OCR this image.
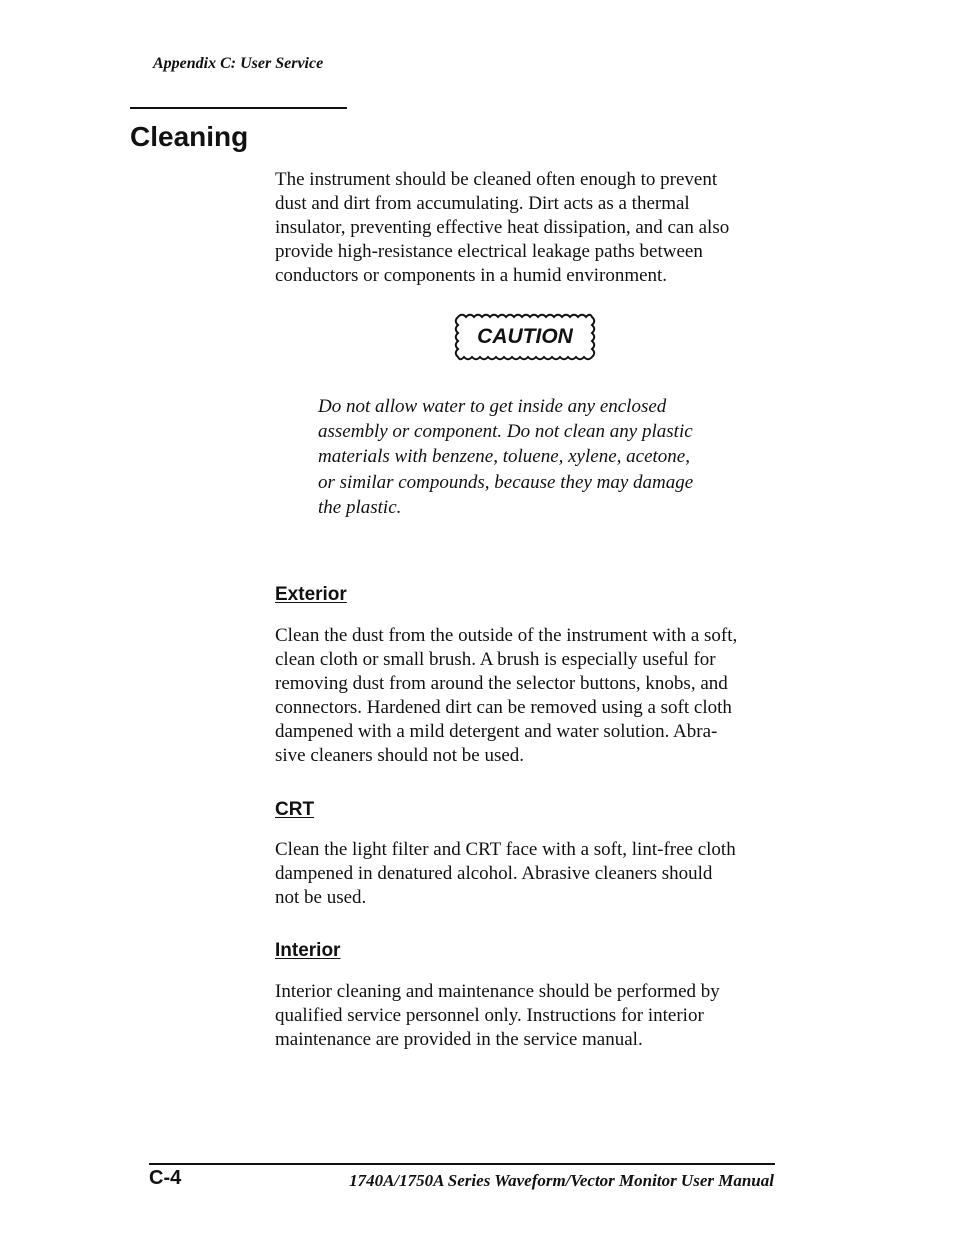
Appendix C: User Service
Cleaning

The instrument should be cleaned often enough to prevent
dust and dirt from accumulating. Dirt acts as a thermal
insulator, preventing effective heat dissipation, and can also
provide high-resistance electrical leakage paths between
conductors or components in a humid environment.

CAUTION

Do not allow water to get inside any enclosed
assembly or component. Do not clean any plastic
materials with benzene, toluene, xylene, acetone,
or similar compounds, because they may damage
the plastic.

Exterior

Clean the dust from the outside of the instrument with a soft,
clean cloth or small brush. A brush is especially useful for
removing dust from around the selector buttons, knobs, and
connectors. Hardened dirt can be removed using a soft cloth
dampened with a mild detergent and water solution. Abra-
sive cleaners should not be used.

CRT

Clean the light filter and CRT face with a soft, lint-free cloth
dampened in denatured alcohol. Abrasive cleaners should
not be used.

Interior

Interior cleaning and maintenance should be performed by
qualified service personnel only. Instructions for interior
maintenance are provided in the service manual.

C-4	1740A/1750A Series Waveform/Vector Monitor User Manual
